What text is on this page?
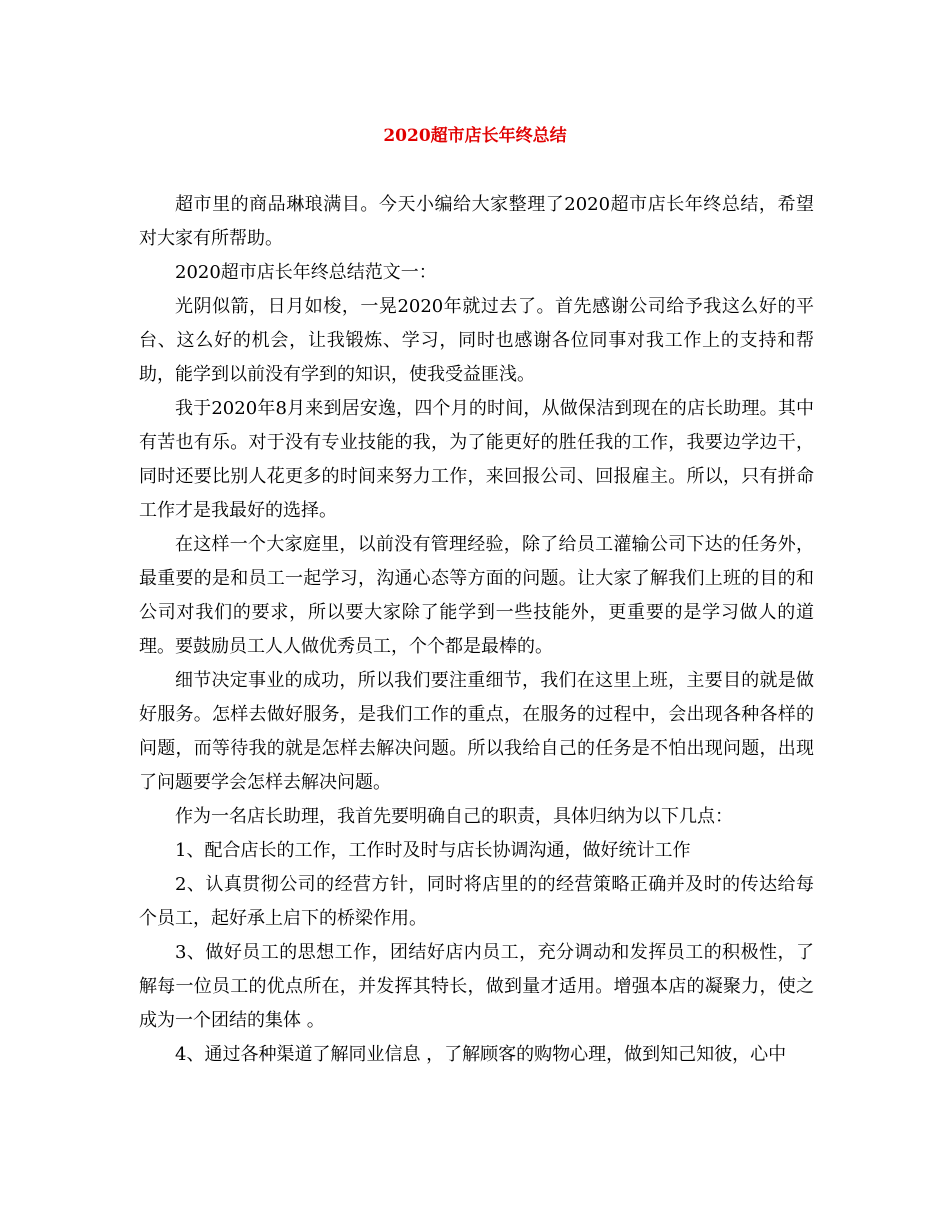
2020超市店长年终总结

超市里的商品琳琅满目。今天小编给大家整理了2020超市店长年终总结，希望对大家有所帮助。

2020超市店长年终总结范文一：

光阴似箭，日月如梭，一晃2020年就过去了。首先感谢公司给予我这么好的平台、这么好的机会，让我锻炼、学习，同时也感谢各位同事对我工作上的支持和帮助，能学到以前没有学到的知识，使我受益匪浅。

我于2020年8月来到居安逸，四个月的时间，从做保洁到现在的店长助理。其中有苦也有乐。对于没有专业技能的我，为了能更好的胜任我的工作，我要边学边干，同时还要比别人花更多的时间来努力工作，来回报公司、回报雇主。所以，只有拼命工作才是我最好的选择。

在这样一个大家庭里，以前没有管理经验，除了给员工灌输公司下达的任务外，最重要的是和员工一起学习，沟通心态等方面的问题。让大家了解我们上班的目的和公司对我们的要求，所以要大家除了能学到一些技能外，更重要的是学习做人的道理。要鼓励员工人人做优秀员工，个个都是最棒的。

细节决定事业的成功，所以我们要注重细节，我们在这里上班，主要目的就是做好服务。怎样去做好服务，是我们工作的重点，在服务的过程中，会出现各种各样的问题，而等待我的就是怎样去解决问题。所以我给自己的任务是不怕出现问题，出现了问题要学会怎样去解决问题。

作为一名店长助理，我首先要明确自己的职责，具体归纳为以下几点：

1、配合店长的工作，工作时及时与店长协调沟通，做好统计工作

2、认真贯彻公司的经营方针，同时将店里的的经营策略正确并及时的传达给每个员工，起好承上启下的桥梁作用。

3、做好员工的思想工作，团结好店内员工，充分调动和发挥员工的积极性，了解每一位员工的优点所在，并发挥其特长，做到量才适用。增强本店的凝聚力，使之成为一个团结的集体 。

4、通过各种渠道了解同业信息 ，了解顾客的购物心理，做到知己知彼，心中
